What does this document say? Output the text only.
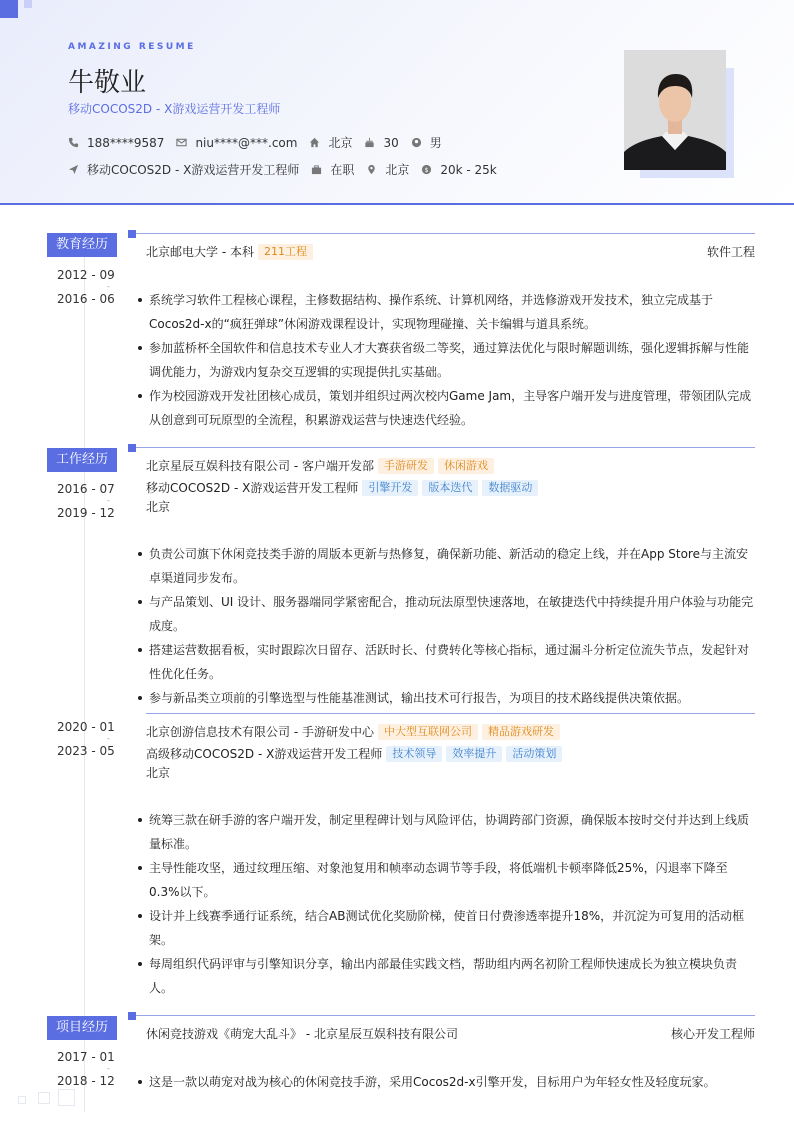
AMAZING RESUME
牛敬业
移动COCOS2D - X游戏运营开发工程师
188****9587	niu****@***.com	北京	30	男
移动COCOS2D - X游戏运营开发工程师	在职	北京 $ 20k - 25k
教育经历
2012 - 09
-
2016 - 06
北京邮电大学 - 本科 211工程	软件工程
系统学习软件工程核心课程，主修数据结构、操作系统、计算机网络，并选修游戏开发技术，独立完成基于Cocos2d-x的“疯狂弹球”休闲游戏课程设计，实现物理碰撞、关卡编辑与道具系统。
参加蓝桥杯全国软件和信息技术专业人才大赛获省级二等奖，通过算法优化与限时解题训练，强化逻辑拆解与性能调优能力，为游戏内复杂交互逻辑的实现提供扎实基础。
作为校园游戏开发社团核心成员，策划并组织过两次校内Game Jam，主导客户端开发与进度管理，带领团队完成从创意到可玩原型的全流程，积累游戏运营与快速迭代经验。
工作经历
2016 - 07
-
2019 - 12
北京星辰互娱科技有限公司 - 客户端开发部 手游研发	休闲游戏
移动COCOS2D - X游戏运营开发工程师 引擎开发	版本迭代	数据驱动
北京
负责公司旗下休闲竞技类手游的周版本更新与热修复，确保新功能、新活动的稳定上线，并在App Store与主流安卓渠道同步发布。
与产品策划、UI 设计、服务器端同学紧密配合，推动玩法原型快速落地，在敏捷迭代中持续提升用户体验与功能完成度。
搭建运营数据看板，实时跟踪次日留存、活跃时长、付费转化等核心指标，通过漏斗分析定位流失节点，发起针对性优化任务。
参与新品类立项前的引擎选型与性能基准测试，输出技术可行报告，为项目的技术路线提供决策依据。
2020 - 01
-
2023 - 05
北京创游信息技术有限公司 - 手游研发中心 中大型互联网公司	精品游戏研发
高级移动COCOS2D - X游戏运营开发工程师 技术领导	效率提升	活动策划
北京
统筹三款在研手游的客户端开发，制定里程碑计划与风险评估，协调跨部门资源，确保版本按时交付并达到上线质量标准。
主导性能攻坚，通过纹理压缩、对象池复用和帧率动态调节等手段，将低端机卡顿率降低25%，闪退率下降至0.3%以下。
设计并上线赛季通行证系统，结合AB测试优化奖励阶梯，使首日付费渗透率提升18%，并沉淀为可复用的活动框架。
每周组织代码评审与引擎知识分享，输出内部最佳实践文档，帮助组内两名初阶工程师快速成长为独立模块负责人。
项目经历
2017 - 01
-
2018 - 12
休闲竞技游戏《萌宠大乱斗》 - 北京星辰互娱科技有限公司	核心开发工程师
这是一款以萌宠对战为核心的休闲竞技手游，采用Cocos2d-x引擎开发，目标用户为年轻女性及轻度玩家。
